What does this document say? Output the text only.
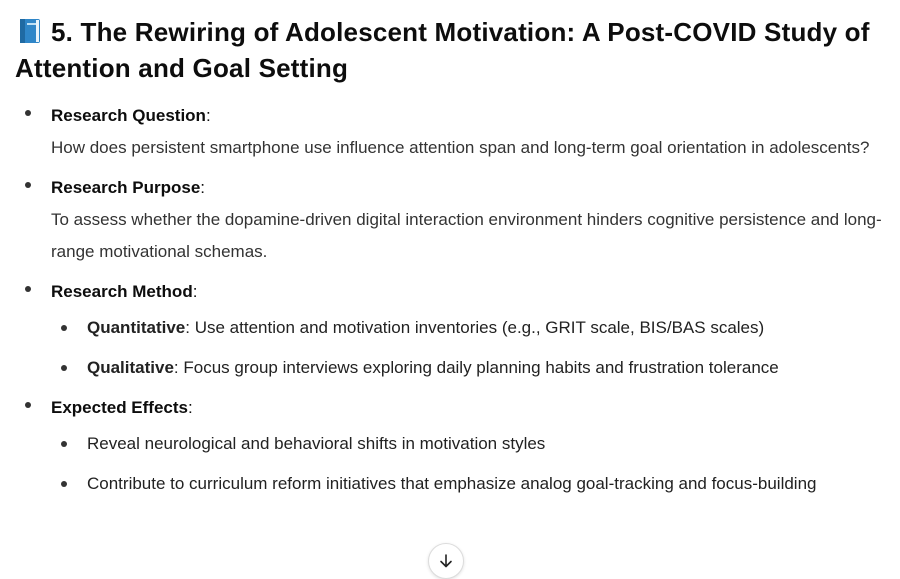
5. The Rewiring of Adolescent Motivation: A Post-COVID Study of Attention and Goal Setting
Research Question:
How does persistent smartphone use influence attention span and long-term goal orientation in adolescents?
Research Purpose:
To assess whether the dopamine-driven digital interaction environment hinders cognitive persistence and long-range motivational schemas.
Research Method:
Quantitative: Use attention and motivation inventories (e.g., GRIT scale, BIS/BAS scales)
Qualitative: Focus group interviews exploring daily planning habits and frustration tolerance
Expected Effects:
Reveal neurological and behavioral shifts in motivation styles
Contribute to curriculum reform initiatives that emphasize analog goal-tracking and focus-building
